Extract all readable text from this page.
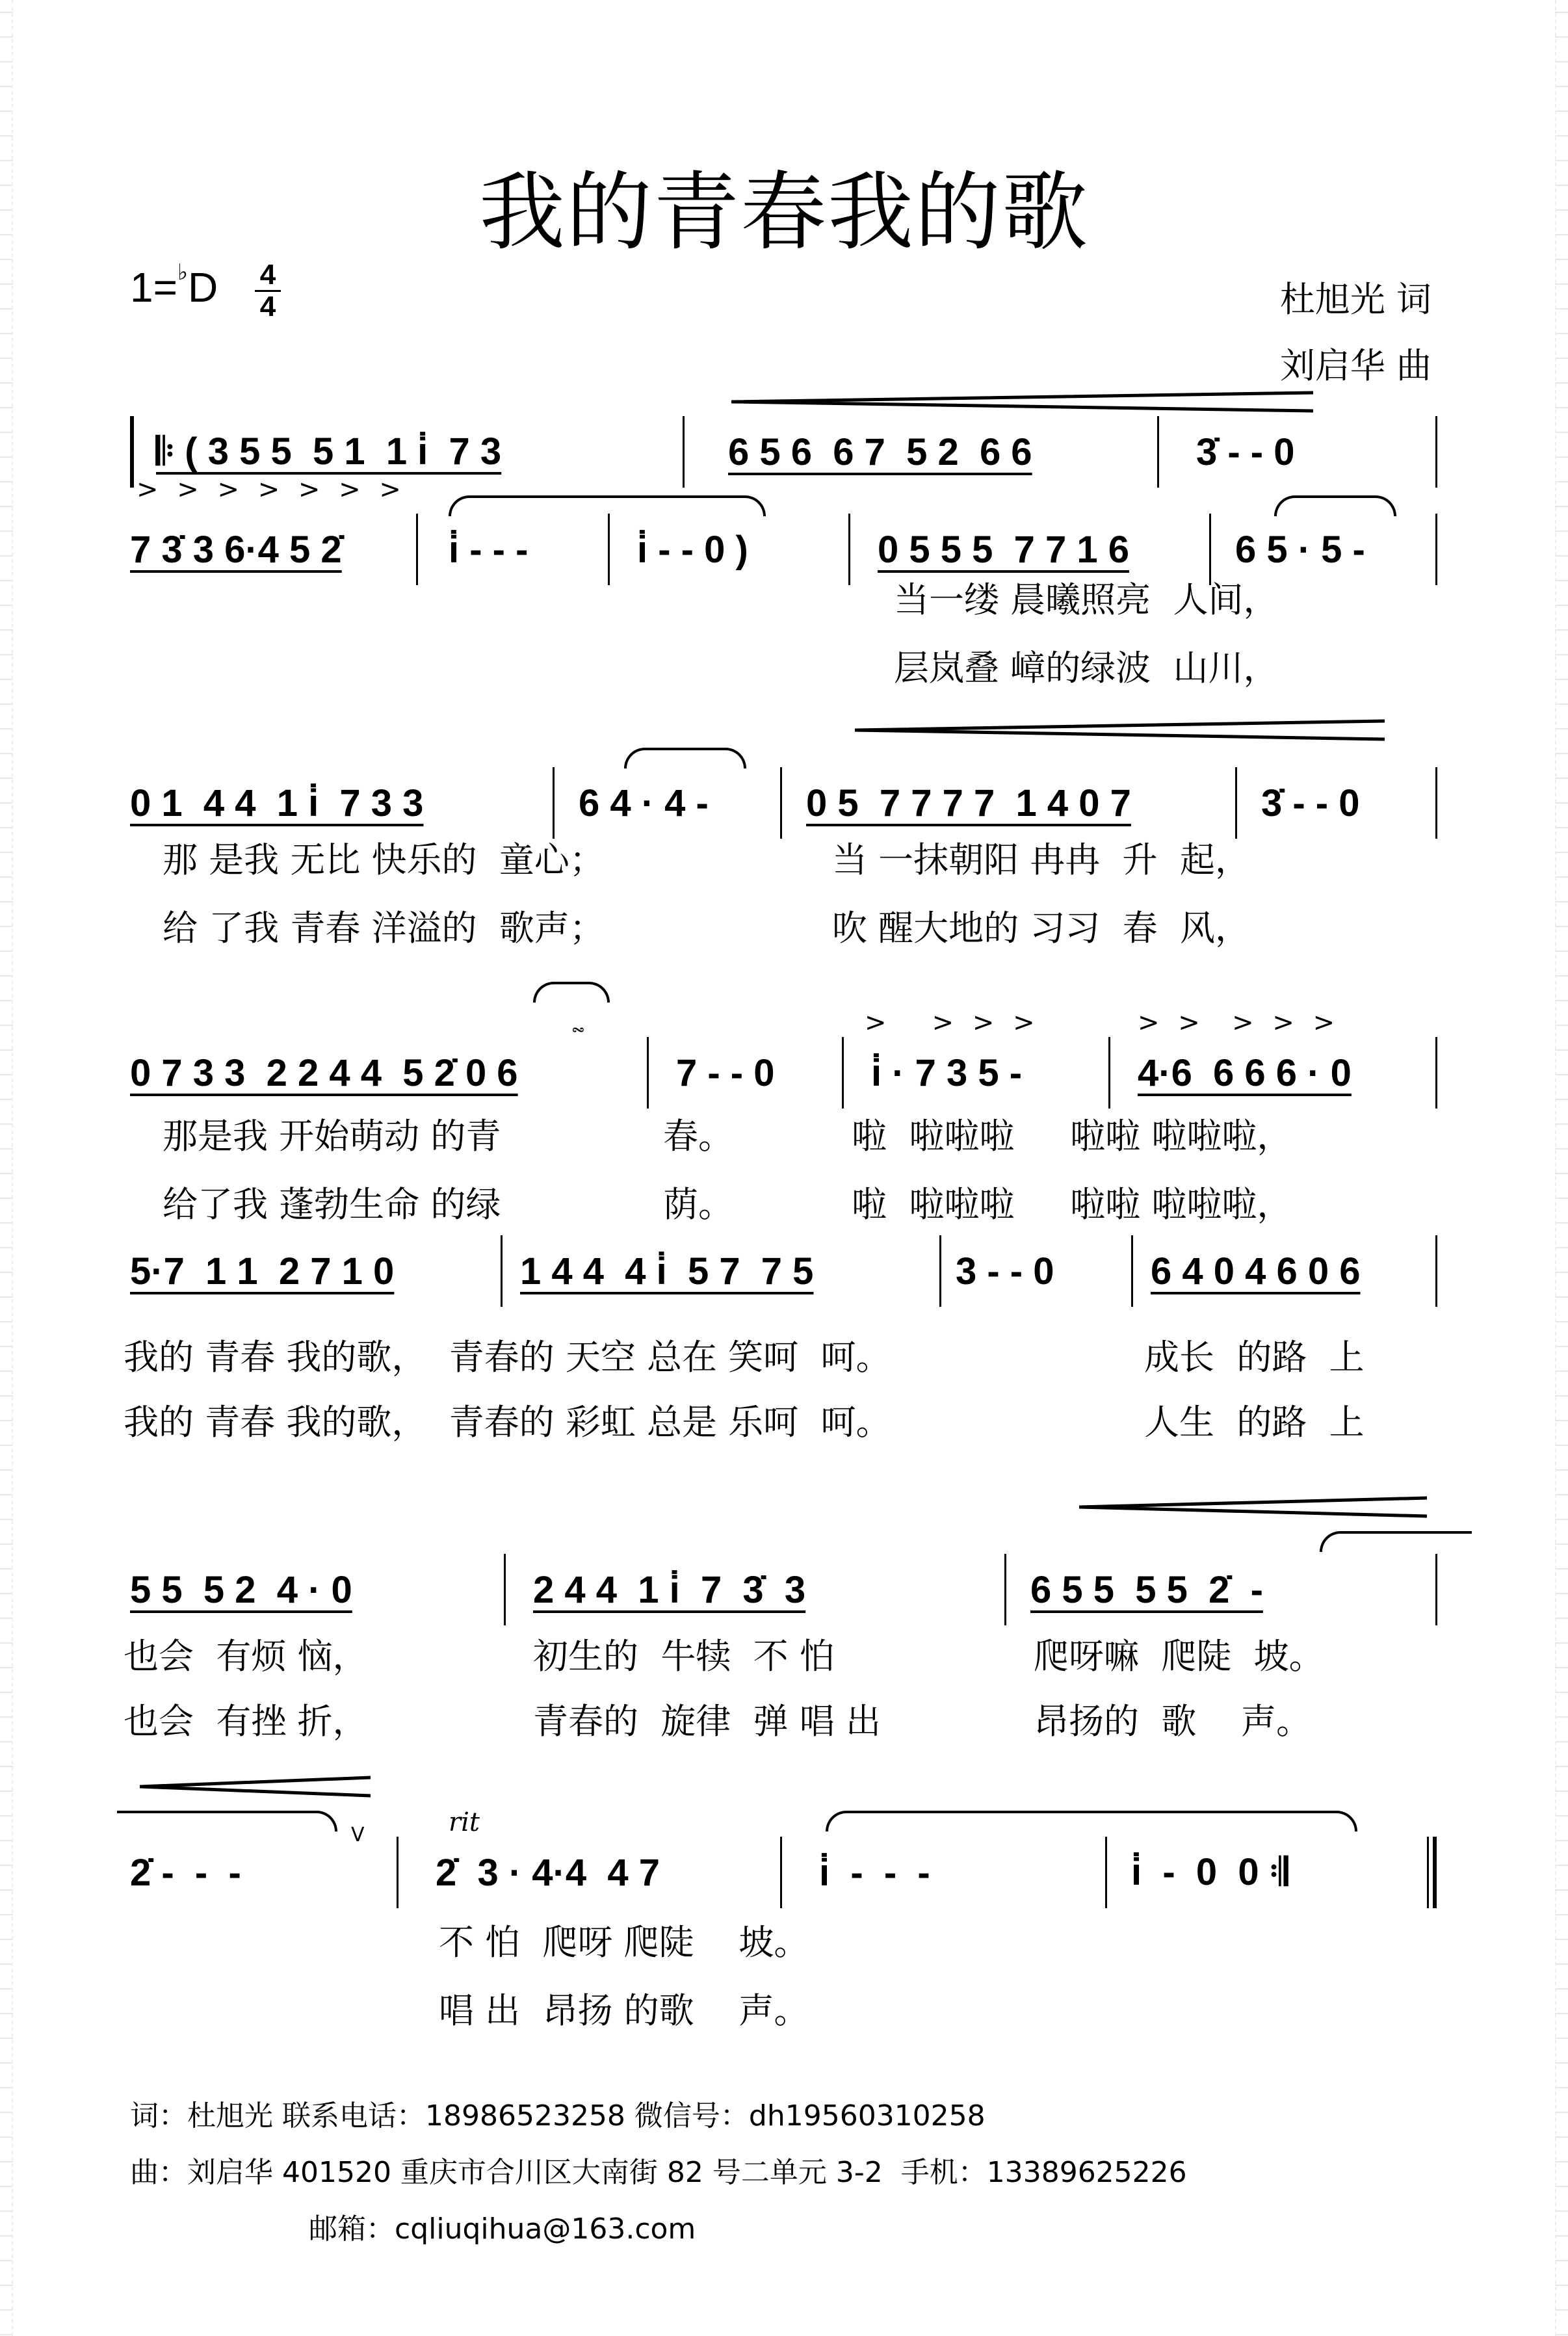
我的青春我的歌
$1=^♭D \frac{4}{4}$	杜旭光 词
刘启华 曲

𝄆 ( 3 5 5  5 1  1 i̇  7 3

	6 5 6  6 7  5 2  6 6

	3̇ - - 0

> > > > > > >

7 3̇ 3 6·4 5 2̇

	i̇ - - -

	i̇ - - 0 )

	0 5 5 5  7 7 1 6

	6 5 · 5 -

当一缕 晨曦照亮  人间，
层岚叠 嶂的绿波  山川，

0 1  4 4  1 i̇  7 3 3

	6 4 · 4 -

	0 5  7 7 7 7  1 4 0 7

	3̇ - - 0

那 是我 无比 快乐的  童心；
给 了我 青春 洋溢的  歌声；
当 一抹朝阳 冉冉  升  起，
吹 醒大地的 习习  春  风，
𝆗	>   > > >	> >  > > >

0 7 3 3  2 2 4 4  5 2̇ 0 6

	7 - - 0

	i̇ · 7 3 5 -

	4·6  6 6 6 · 0

那是我 开始萌动 的青
给了我 蓬勃生命 的绿
春。
荫。
啦  啦啦啦     啦啦 啦啦啦，
啦  啦啦啦     啦啦 啦啦啦，

5·7  1 1  2 7 1 0

	1 4 4  4 i̇  5 7  7 5

	3 - - 0

	6 4 0 4 6 0 6

我的 青春 我的歌，  青春的 天空 总在 笑呵  呵。
我的 青春 我的歌，  青春的 彩虹 总是 乐呵  呵。
成长  的路  上
人生  的路  上

5 5  5 2  4 · 0

	2 4 4  1 i̇  7  3̇  3

	6 5 5  5 5  2̇  -

也会  有烦 恼，
也会  有挫 折，
初生的  牛犊  不 怕
青春的  旋律  弹 唱 出
爬呀嘛  爬陡  坡。
昂扬的  歌    声。
V	rit

2̇ -  -  -

	2̇  3 · 4·4  4 7

	i̇  -  -  -

	i̇  -  0  0 𝄇

不 怕  爬呀 爬陡    坡。
唱 出  昂扬 的歌    声。
词：杜旭光 联系电话：18986523258 微信号：dh19560310258
曲：刘启华 401520 重庆市合川区大南街 82 号二单元 3-2  手机：13389625226
邮箱：cqliuqihua@163.com
